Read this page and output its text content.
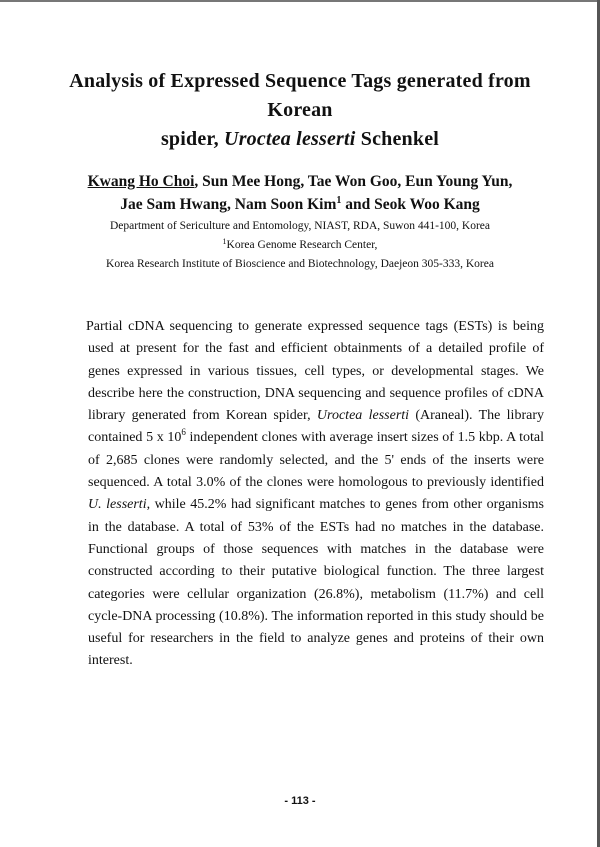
Analysis of Expressed Sequence Tags generated from Korean
spider, Uroctea lesserti Schenkel
Kwang Ho Choi, Sun Mee Hong, Tae Won Goo, Eun Young Yun,
Jae Sam Hwang, Nam Soon Kim$^1$ and Seok Woo Kang
Department of Sericulture and Entomology, NIAST, RDA, Suwon 441-100, Korea
$^1$Korea Genome Research Center,
Korea Research Institute of Bioscience and Biotechnology, Daejeon 305-333, Korea
Partial cDNA sequencing to generate expressed sequence tags (ESTs) is being used at present for the fast and efficient obtainments of a detailed profile of genes expressed in various tissues, cell types, or developmental stages. We describe here the construction, DNA sequencing and sequence profiles of cDNA library generated from Korean spider, Uroctea lesserti (Araneal). The library contained 5 x $10^6$ independent clones with average insert sizes of 1.5 kbp. A total of 2,685 clones were randomly selected, and the 5' ends of the inserts were sequenced. A total 3.0% of the clones were homologous to previously identified U. lesserti, while 45.2% had significant matches to genes from other organisms in the database. A total of 53% of the ESTs had no matches in the database. Functional groups of those sequences with matches in the database were constructed according to their putative biological function. The three largest categories were cellular organization (26.8%), metabolism (11.7%) and cell cycle-DNA processing (10.8%). The information reported in this study should be useful for researchers in the field to analyze genes and proteins of their own interest.
- 113 -
